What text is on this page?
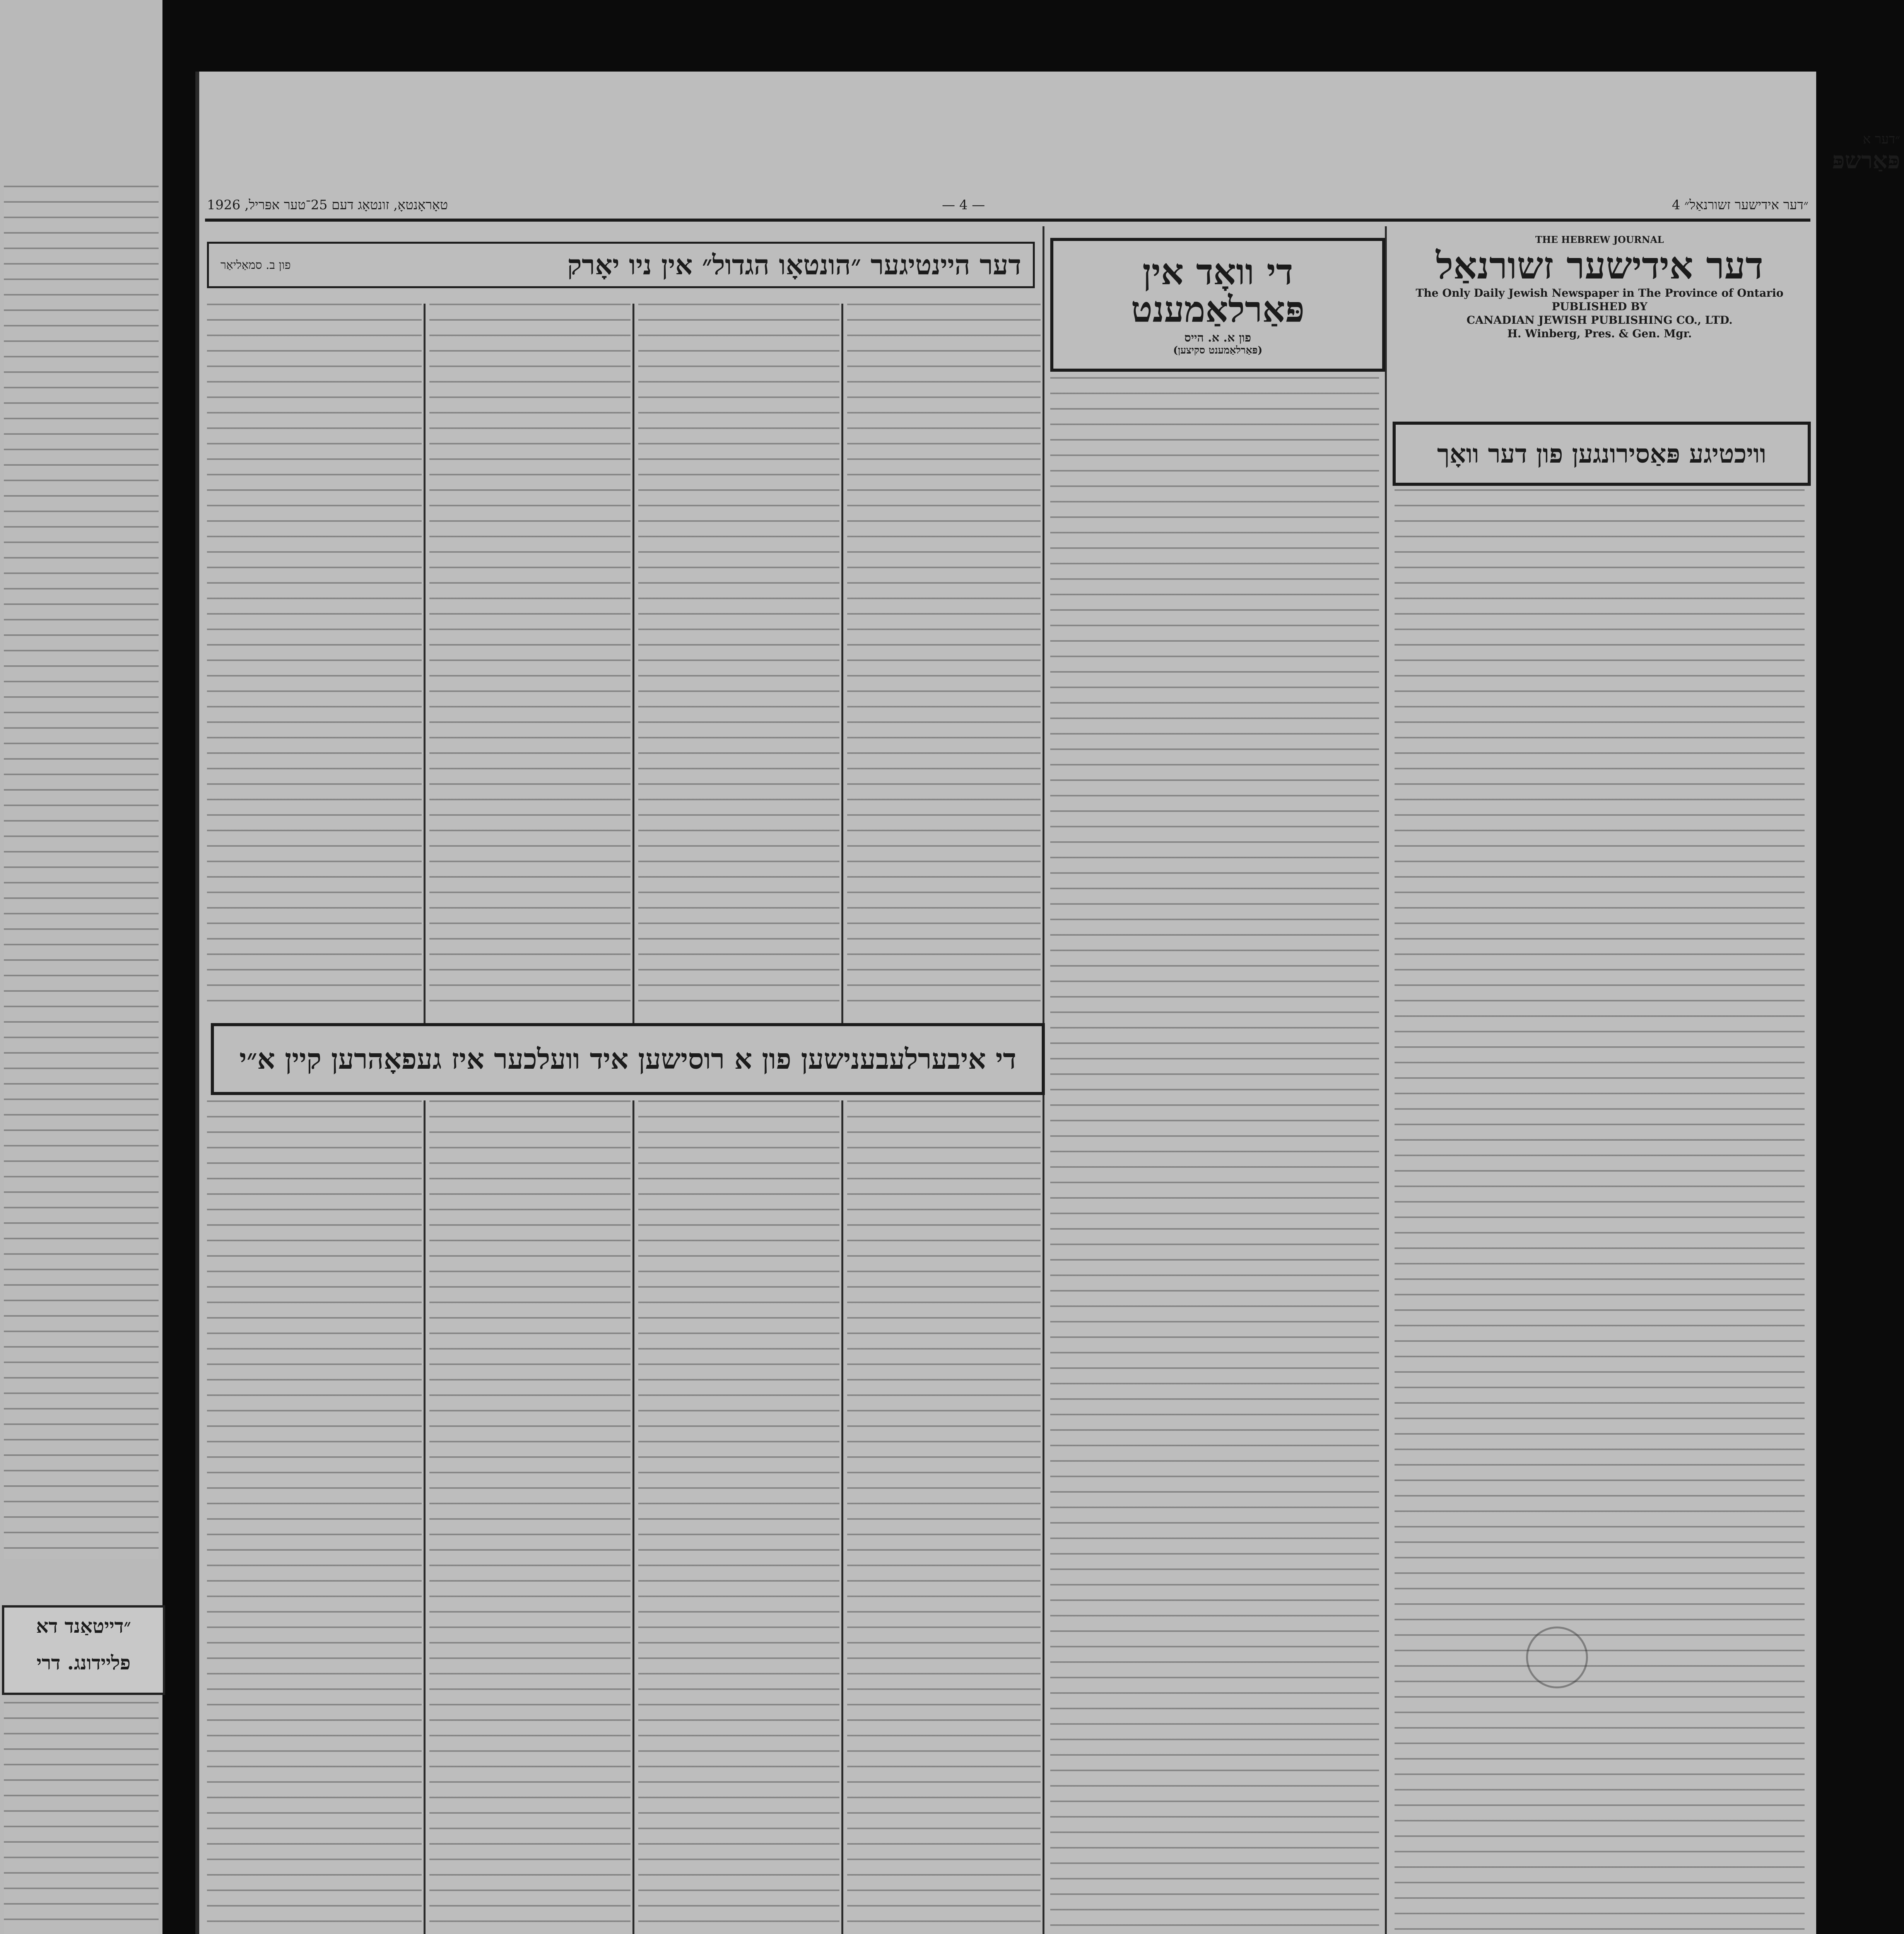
״דער א
פּאַרשפּ
״דייטאַנד דא
פליידונג. דרי
״דער אידישער זשורנאַל״ 4
— 4 —
טאָראָנטאָ, זונטאָג דעם 25־טער אפּריל, 1926
THE HEBREW JOURNAL
דער אידישער זשורנאַל
The Only Daily Jewish Newspaper in The Province of Ontario
PUBLISHED BY
CANADIAN JEWISH PUBLISHING CO., LTD.
H. Winberg, Pres. & Gen. Mgr.
וויכטיגע פּאַסירונגען פון דער וואָך
די וואָד אין
פּאַרלאַמענט
פון א. א. הייס
(פּאַרלאַמענט סקיצען)
דער היינטיגער ״הונטאָו הגדול״ אין ניו יאָרק
פון ב. סמאַליאַר
די איבערלעבענישען פון א רוסישען איד וועלכער איז געפאָהרען קיין א״י
